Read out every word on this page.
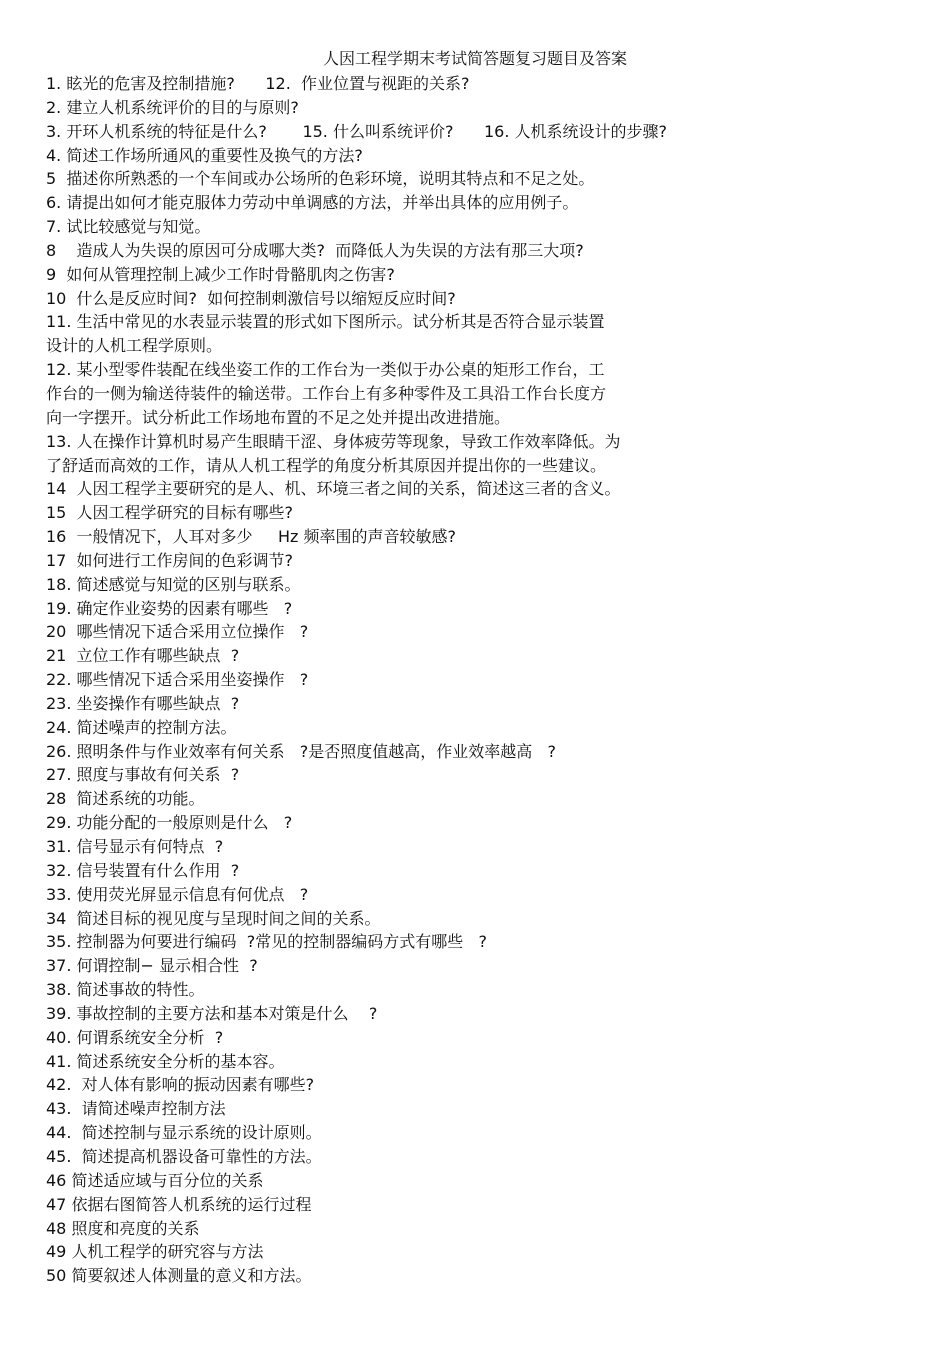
人因工程学期末考试简答题复习题目及答案
1. 眩光的危害及控制措施?      12.  作业位置与视距的关系?
2. 建立人机系统评价的目的与原则?
3. 开环人机系统的特征是什么?       15. 什么叫系统评价?      16. 人机系统设计的步骤?
4. 简述工作场所通风的重要性及换气的方法?
5  描述你所熟悉的一个车间或办公场所的色彩环境，说明其特点和不足之处。
6. 请提出如何才能克服体力劳动中单调感的方法，并举出具体的应用例子。
7. 试比较感觉与知觉。
8    造成人为失误的原因可分成哪大类?  而降低人为失误的方法有那三大项?
9  如何从管理控制上减少工作时骨骼肌肉之伤害?
10  什么是反应时间?  如何控制刺激信号以缩短反应时间?
11. 生活中常见的水表显示装置的形式如下图所示。试分析其是否符合显示装置
设计的人机工程学原则。
12. 某小型零件装配在线坐姿工作的工作台为一类似于办公桌的矩形工作台，工
作台的一侧为输送待装件的输送带。工作台上有多种零件及工具沿工作台长度方
向一字摆开。试分析此工作场地布置的不足之处并提出改进措施。
13. 人在操作计算机时易产生眼睛干涩、身体疲劳等现象，导致工作效率降低。为
了舒适而高效的工作，请从人机工程学的角度分析其原因并提出你的一些建议。
14  人因工程学主要研究的是人、机、环境三者之间的关系，简述这三者的含义。
15  人因工程学研究的目标有哪些?
16  一般情况下，人耳对多少     Hz 频率围的声音较敏感?
17  如何进行工作房间的色彩调节?
18. 简述感觉与知觉的区别与联系。
19. 确定作业姿势的因素有哪些   ?
20  哪些情况下适合采用立位操作   ?
21  立位工作有哪些缺点  ?
22. 哪些情况下适合采用坐姿操作   ?
23. 坐姿操作有哪些缺点  ?
24. 简述噪声的控制方法。
26. 照明条件与作业效率有何关系   ?是否照度值越高，作业效率越高   ?
27. 照度与事故有何关系  ?
28  简述系统的功能。
29. 功能分配的一般原则是什么   ?
31. 信号显示有何特点  ?
32. 信号装置有什么作用  ?
33. 使用荧光屏显示信息有何优点   ?
34  简述目标的视见度与呈现时间之间的关系。
35. 控制器为何要进行编码  ?常见的控制器编码方式有哪些   ?
37. 何谓控制− 显示相合性  ?
38. 简述事故的特性。
39. 事故控制的主要方法和基本对策是什么    ?
40. 何谓系统安全分析  ?
41. 简述系统安全分析的基本容。
42.  对人体有影响的振动因素有哪些?
43.  请简述噪声控制方法
44.  简述控制与显示系统的设计原则。
45.  简述提高机器设备可靠性的方法。
46 简述适应域与百分位的关系
47 依据右图简答人机系统的运行过程
48 照度和亮度的关系
49 人机工程学的研究容与方法
50 简要叙述人体测量的意义和方法。
